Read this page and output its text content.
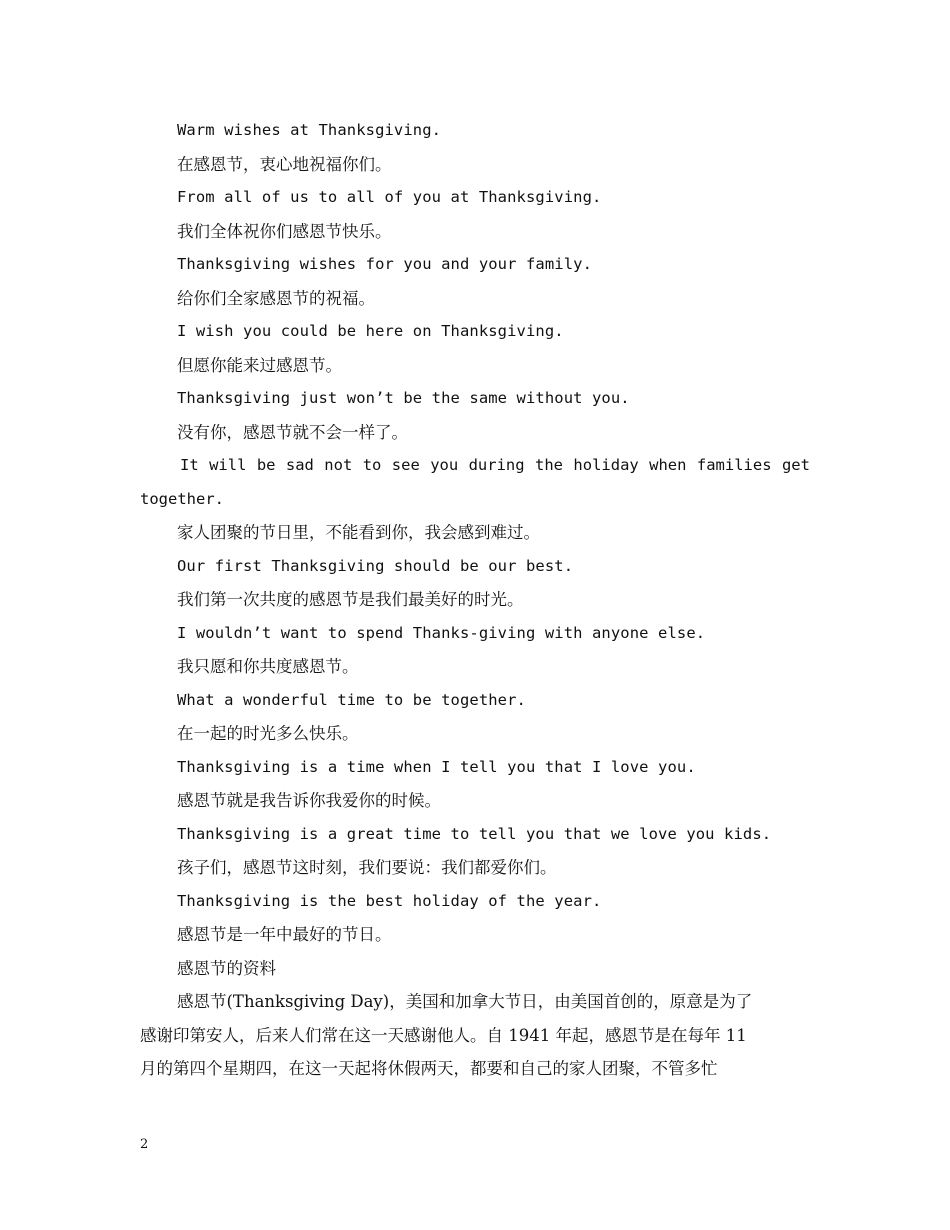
Warm wishes at Thanksgiving.
在感恩节，衷心地祝福你们。
From all of us to all of you at Thanksgiving.
我们全体祝你们感恩节快乐。
Thanksgiving wishes for you and your family.
给你们全家感恩节的祝福。
I wish you could be here on Thanksgiving.
但愿你能来过感恩节。
Thanksgiving just won’t be the same without you.
没有你，感恩节就不会一样了。
It will be sad not to see you during the holiday when families get
together.
家人团聚的节日里，不能看到你，我会感到难过。
Our first Thanksgiving should be our best.
我们第一次共度的感恩节是我们最美好的时光。
I wouldn’t want to spend Thanks-giving with anyone else.
我只愿和你共度感恩节。
What a wonderful time to be together.
在一起的时光多么快乐。
Thanksgiving is a time when I tell you that I love you.
感恩节就是我告诉你我爱你的时候。
Thanksgiving is a great time to tell you that we love you kids.
孩子们，感恩节这时刻，我们要说：我们都爱你们。
Thanksgiving is the best holiday of the year.
感恩节是一年中最好的节日。
感恩节的资料
感恩节(Thanksgiving Day)，美国和加拿大节日，由美国首创的，原意是为了
感谢印第安人，后来人们常在这一天感谢他人。自 1941 年起，感恩节是在每年 11
月的第四个星期四，在这一天起将休假两天，都要和自己的家人团聚，不管多忙
2
